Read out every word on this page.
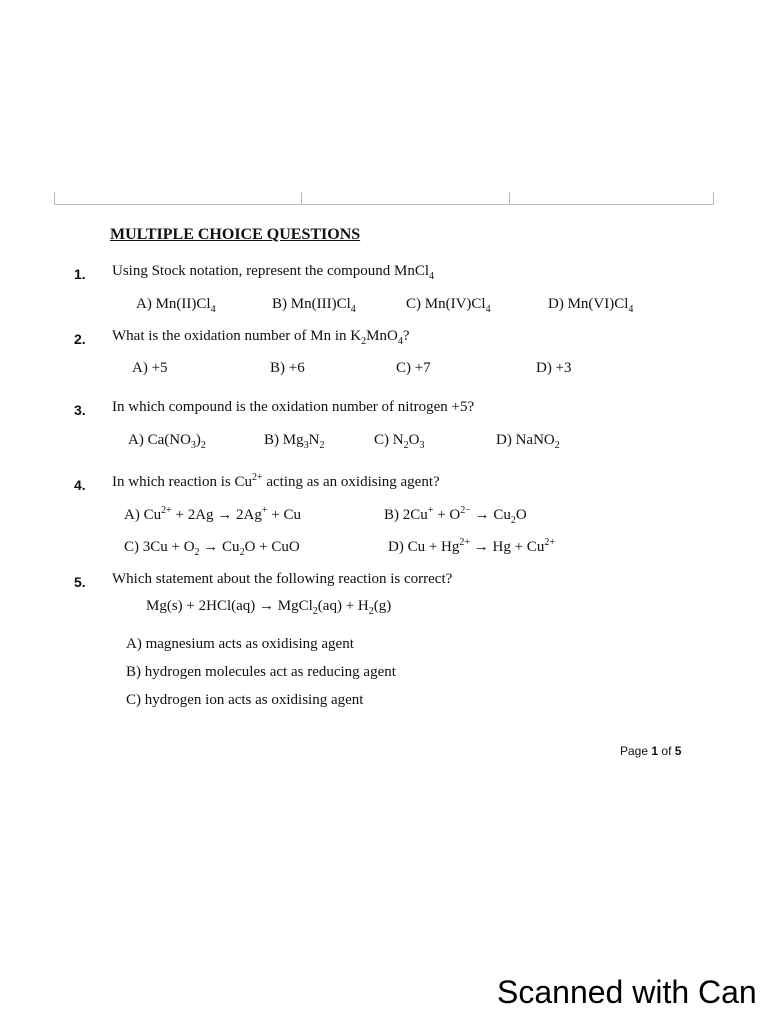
MULTIPLE CHOICE QUESTIONS
1. Using Stock notation, represent the compound MnCl$_4$
A) $Mn(II)Cl_4$	B) $Mn(III)Cl_4$	C) $Mn(IV)Cl_4$	D) $Mn(VI)Cl_4$
2. What is the oxidation number of Mn in $K_2MnO_4$?
A) +5	B) +6	C) +7	D) +3
3. In which compound is the oxidation number of nitrogen +5?
A) $Ca(NO_3)_2$	B) $Mg_3N_2$	C) $N_2O_3$	D) NaNO$_2$
4. In which reaction is $Cu^{2+}$ acting as an oxidising agent?
A) $Cu^{2+} + 2Ag \to 2Ag^+ + Cu$	B) $2Cu^+ + O^{2-} \to Cu_2O$
C) $3Cu + O_2 \to Cu_2O$ + CuO	D) $Cu + Hg^{2+} \to Hg + Cu^{2+}$
5. Which statement about the following reaction is correct?
Mg(s) + 2HCl(aq) → MgCl$_2$(aq) + $H_2(g)$
A) magnesium acts as oxidising agent
B) hydrogen molecules act as reducing agent
C) hydrogen ion acts as oxidising agent
Page 1 of 5
Scanned with Can
